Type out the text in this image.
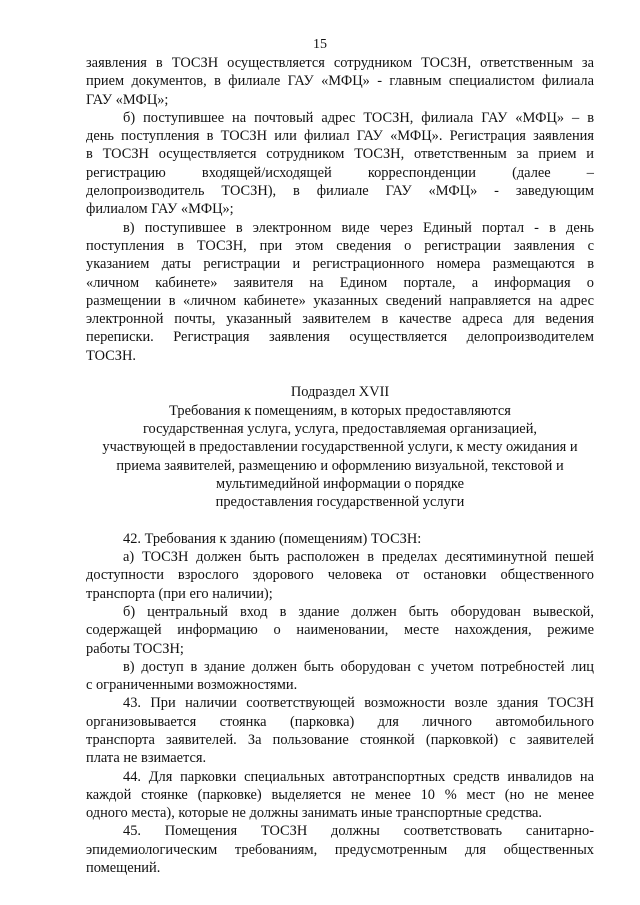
15
заявления в ТОСЗН осуществляется сотрудником ТОСЗН, ответственным за
прием документов, в филиале ГАУ «МФЦ» - главным специалистом филиала
ГАУ «МФЦ»;
б) поступившее на почтовый адрес ТОСЗН, филиала ГАУ «МФЦ» – в
день поступления в ТОСЗН или филиал ГАУ «МФЦ». Регистрация заявления
в ТОСЗН осуществляется сотрудником ТОСЗН, ответственным за прием и
регистрацию входящей/исходящей корреспонденции (далее –
делопроизводитель ТОСЗН), в филиале ГАУ «МФЦ» - заведующим
филиалом ГАУ «МФЦ»;
в) поступившее в электронном виде через Единый портал - в день
поступления в ТОСЗН, при этом сведения о регистрации заявления с
указанием даты регистрации и регистрационного номера размещаются в
«личном кабинете» заявителя на Едином портале, а информация о
размещении в «личном кабинете» указанных сведений направляется на адрес
электронной почты, указанный заявителем в качестве адреса для ведения
переписки. Регистрация заявления осуществляется делопроизводителем
ТОСЗН.
Подраздел XVII
Требования к помещениям, в которых предоставляются
государственная услуга, услуга, предоставляемая организацией,
участвующей в предоставлении государственной услуги, к месту ожидания и
приема заявителей, размещению и оформлению визуальной, текстовой и
мультимедийной информации о порядке
предоставления государственной услуги
42. Требования к зданию (помещениям) ТОСЗН:
а) ТОСЗН должен быть расположен в пределах десятиминутной пешей
доступности взрослого здорового человека от остановки общественного
транспорта (при его наличии);
б) центральный вход в здание должен быть оборудован вывеской,
содержащей информацию о наименовании, месте нахождения, режиме
работы ТОСЗН;
в) доступ в здание должен быть оборудован с учетом потребностей лиц
с ограниченными возможностями.
43. При наличии соответствующей возможности возле здания ТОСЗН
организовывается стоянка (парковка) для личного автомобильного
транспорта заявителей. За пользование стоянкой (парковкой) с заявителей
плата не взимается.
44. Для парковки специальных автотранспортных средств инвалидов на
каждой стоянке (парковке) выделяется не менее 10 % мест (но не менее
одного места), которые не должны занимать иные транспортные средства.
45. Помещения ТОСЗН должны соответствовать санитарно-
эпидемиологическим требованиям, предусмотренным для общественных
помещений.
